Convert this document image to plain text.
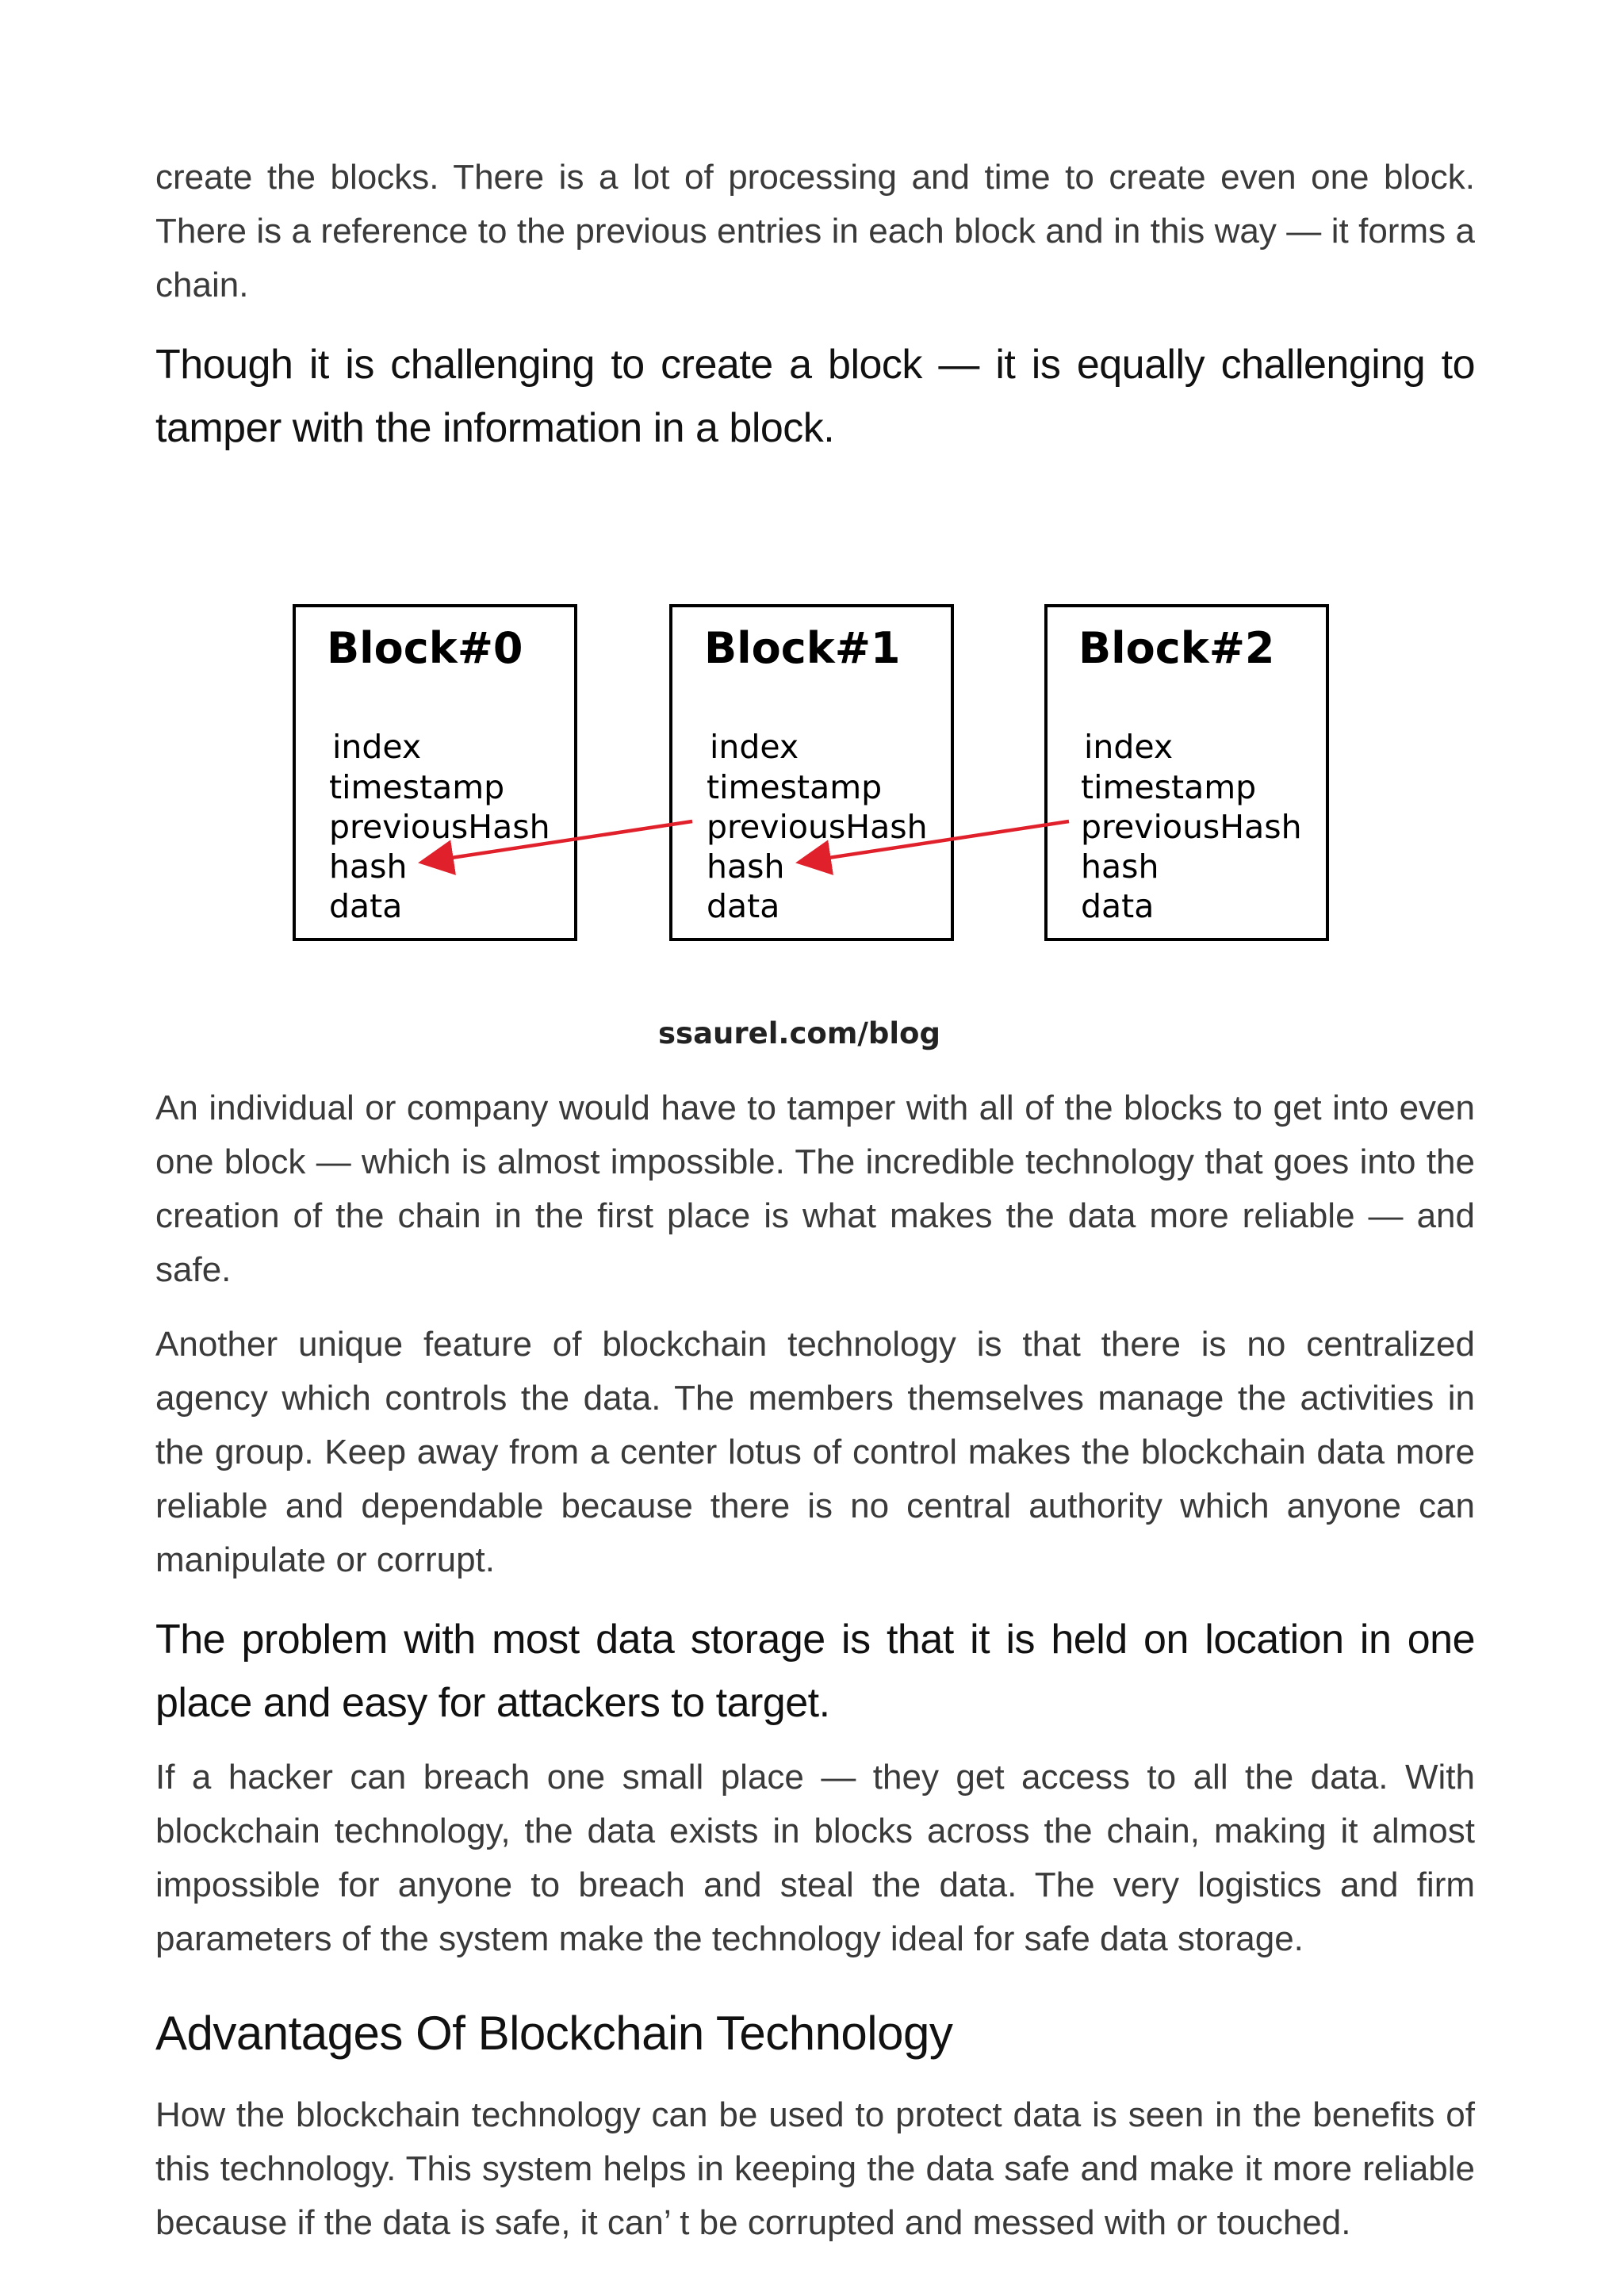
create the blocks. There is a lot of processing and time to create even one block. There is a reference to the previous entries in each block and in this way — it forms a chain.

Though it is challenging to create a block — it is equally challenging to tamper with the information in a block.

Block#0
index
timestamp
previousHash
hash
data
Block#1
index
timestamp
previousHash
hash
data
Block#2
index
timestamp
previousHash
hash
data
ssaurel.com/blog

An individual or company would have to tamper with all of the blocks to get into even one block — which is almost impossible. The incredible technology that goes into the creation of the chain in the first place is what makes the data more reliable — and safe.

Another unique feature of blockchain technology is that there is no centralized agency which controls the data. The members themselves manage the activities in the group. Keep away from a center lotus of control makes the blockchain data more reliable and dependable because there is no central authority which anyone can manipulate or corrupt.

The problem with most data storage is that it is held on location in one place and easy for attackers to target.

If a hacker can breach one small place — they get access to all the data. With blockchain technology, the data exists in blocks across the chain, making it almost impossible for anyone to breach and steal the data. The very logistics and firm parameters of the system make the technology ideal for safe data storage.

Advantages Of Blockchain Technology

How the blockchain technology can be used to protect data is seen in the benefits of this technology. This system helps in keeping the data safe and make it more reliable because if the data is safe, it can’ t be corrupted and messed with or touched.
